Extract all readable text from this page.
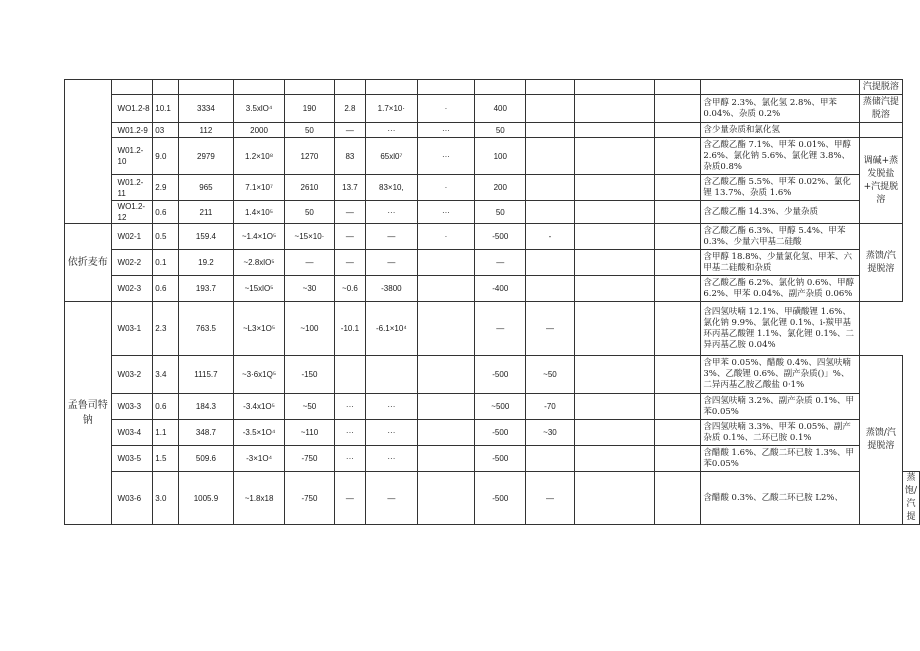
														汽提脱溶	
	WO1.2-8	10.1	3334	3.5xlO⁴	190	2.8	1.7×10·	·	400				含甲醇 2.3%、氯化氢 2.8%、甲苯0.04%、杂质 0.2%	蒸储汽提脱溶	
	W01.2-9	03	112	2000	50	—	···	···	50				含少量杂质和氯化氢		
	W01.2-10	9.0	2979	1.2×10⁸	1270	83	65xl0⁷	···	100				含乙酸乙酯 7.1%、甲苯 0.01%、甲醇2.6%、氯化钠 5.6%、氯化锂 3.8%、杂质0.8%	调碱+蒸发脱盐+汽提脱溶	
	W01.2-11	2.9	965	7.1×10⁷	2610	13.7	83×10,	·	200				含乙酸乙酯 5.5%、甲苯 0.02%、氯化锂 13.7%、杂质 1.6%		
	WO1.2-12	0.6	211	1.4×10⁵	50	—	···	···	50				含乙酸乙酯 14.3%、少量杂质		
依折麦布	W02-1	0.5	159.4	~1.4×1O⁵	~15×10·	—	—	·	-500	-			含乙酸乙酯 6.3%、甲醇 5.4%、甲苯0.3%、少量六甲基二硅酸	蒸馈/汽提脱溶	
	W02-2	0.1	19.2	~2.8xlO⁵	—	—	—		—				含甲醇 18.8%、少量氯化氢、甲苯、六甲基二硅酸和杂质		
	W02-3	0.6	193.7	~15xlO⁵	~30	~0.6	-3800		-400				含乙酸乙酯 6.2%、氯化钠 0.6%、甲醇6.2%、甲苯 0.04%、副产杂质 0.06%		
孟鲁司特钠	W03-1	2.3	763.5	~L3×1O⁵	~100	-10.1	-6.1×10⁴		—	—			含四氢呋喃 12.1%、甲磺酸锂 1.6%、氯化钠 9.9%、氯化锂 0.1%、i-羰甲基环丙基乙酸锂 1.1%、氯化锂 0.1%、二异丙基乙胺 0.04%		
	W03-2	3.4	1115.7	~3·6x1Q⁵	-150				-500	~50			含甲苯 0.05%、醋酸 0.4%、四氢呋喃3%、乙酸锂 0.6%、副产杂质()」%、二异丙基乙胺乙酸盐 0·1%	蒸馈/汽提脱溶	
	W03-3	0.6	184.3	-3.4x1O⁵	~50	···	···		~500	-70			含四氢呋喃 3.2%、副产杂质 0.1%、甲苯0.05%		
	W03-4	1.1	348.7	-3.5×1O⁴	~110	···	···		-500	~30			含四氢呋喃 3.3%、甲苯 0.05%、副产杂质 0.1%、二环已胺 0.1%		
	W03-5	1.5	509.6	-3×1O⁴	-750	···	···		-500				含醋酸 1.6%、乙酸二环已胺 1.3%、甲苯0.05%		
	W03-6	3.0	1005.9	~1.8x18	-750	—	—		-500	—			含醋酸 0.3%、乙酸二环已胺 L2%、		蒸饱/汽提
